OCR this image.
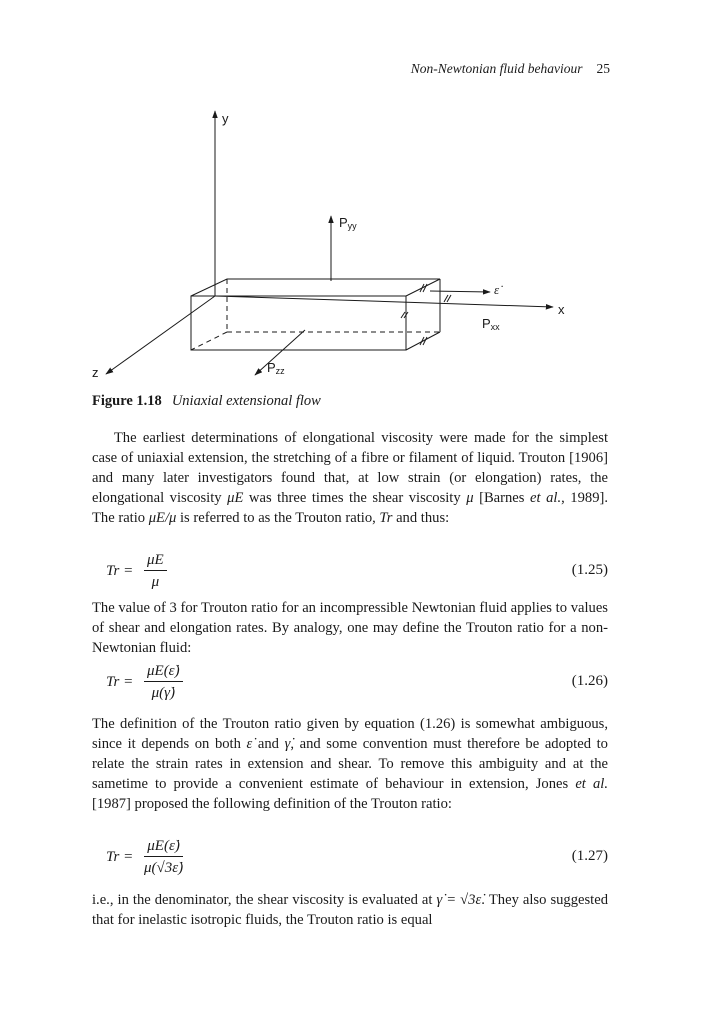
Non-Newtonian fluid behaviour 25
y
x
z
$P_{yy}$
$P_{xx}$
$P_{zz}$
ε̇
Figure 1.18 Uniaxial extensional flow
  The earliest determinations of elongational viscosity were made for the simplest case of uniaxial extension, the stretching of a fibre or filament of liquid. Trouton [1906] and many later investigators found that, at low strain (or elongation) rates, the elongational viscosity μE was three times the shear viscosity μ [Barnes et al., 1989]. The ratio μE/μ is referred to as the Trouton ratio, Tr and thus:
$Tr = \frac{\mu E}{\mu}$	(1.25)
The value of 3 for Trouton ratio for an incompressible Newtonian fluid applies to values of shear and elongation rates. By analogy, one may define the Trouton ratio for a non-Newtonian fluid:
$Tr = \frac{\mu E(\varepsiloṅ)}{\mu(\gammȧ)}$	(1.26)
The definition of the Trouton ratio given by equation (1.26) is somewhat ambiguous, since it depends on both ε̇ and γ̇, and some convention must therefore be adopted to relate the strain rates in extension and shear. To remove this ambiguity and at the sametime to provide a convenient estimate of behaviour in extension, Jones et al. [1987] proposed the following definition of the Trouton ratio:
$Tr = \frac{\mu E(\varepsiloṅ)}{\mu(√3\varepsiloṅ)}$	(1.27)
i.e., in the denominator, the shear viscosity is evaluated at γ̇ = √3ε̇. They also suggested that for inelastic isotropic fluids, the Trouton ratio is equal
